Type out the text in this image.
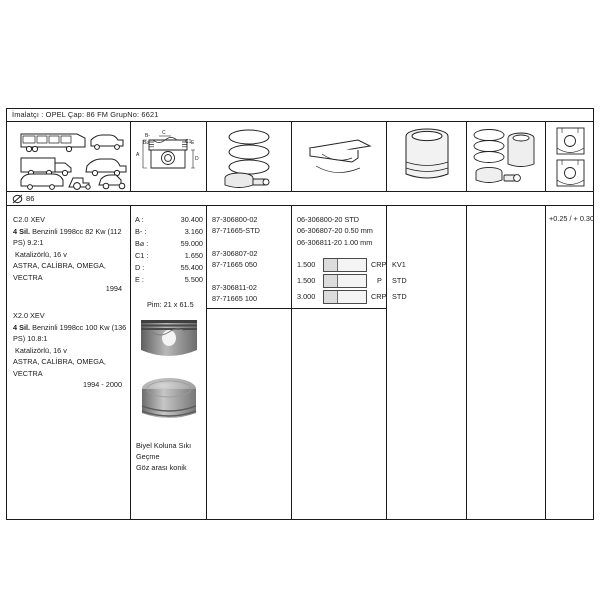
İmalatçı : OPEL Çap: 86 FM GrupNo: 6621
A
B-
B⌀
C
C1
D
E
86
C2.0 XEV
4 Sil. Benzinli 1998cc 82 Kw (112 PS) 9.2:1
Katalizörlü, 16 v
ASTRA, CALİBRA, OMEGA,
VECTRA
1994
X2.0 XEV
4 Sil. Benzinli 1998cc 100 Kw (136 PS) 10.8:1
Katalizörlü, 16 v
ASTRA, CALİBRA, OMEGA,
VECTRA
1994 - 2000
A :	30.400
B- :	3.160
B⌀ :	59.000
C1 :	1.650
D :	55.400
E :	5.500
Pim: 21 x 61.5
Biyel Koluna Sıkı
Geçme
Göz arası konik
87-306800-02
87-71665-STD
87-306807-02
87-71665 050
87-306811-02
87-71665 100
06-306800-20 STD
06-306807-20 0.50 mm
06-306811-20 1.00 mm
1.500	CRP KV1
1.500	P STD
3.000	CRP STD
+0.25 / + 0.30
